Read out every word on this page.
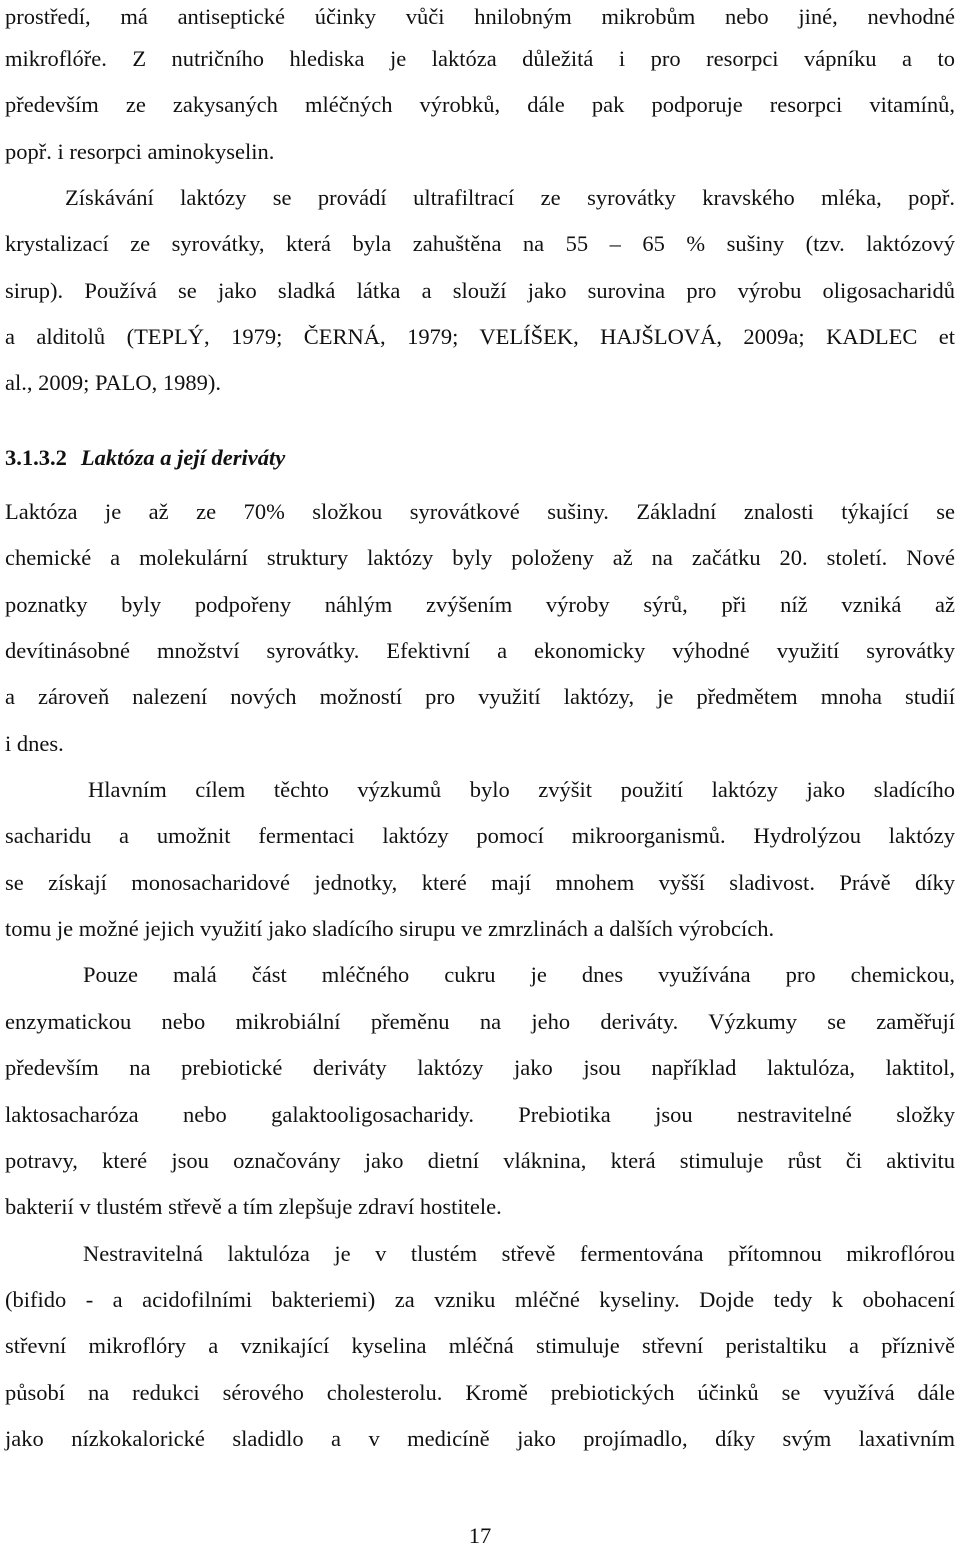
prostředí, má antiseptické účinky vůči hnilobným mikrobům nebo jiné, nevhodné
mikroflóře. Z nutričního hlediska je laktóza důležitá i pro resorpci vápníku a to
především ze zakysaných mléčných výrobků, dále pak podporuje resorpci vitamínů,
popř. i resorpci aminokyselin.
Získávání laktózy se provádí ultrafiltrací ze syrovátky kravského mléka, popř.
krystalizací ze syrovátky, která byla zahuštěna na 55 – 65 % sušiny (tzv. laktózový
sirup). Používá se jako sladká látka a slouží jako surovina pro výrobu oligosacharidů
a alditolů (TEPLÝ, 1979; ČERNÁ, 1979; VELÍŠEK, HAJŠLOVÁ, 2009a; KADLEC et
al., 2009; PALO, 1989).
3.1.3.2 Laktóza a její deriváty
Laktóza je až ze 70% složkou syrovátkové sušiny. Základní znalosti týkající se
chemické a molekulární struktury laktózy byly položeny až na začátku 20. století. Nové
poznatky byly podpořeny náhlým zvýšením výroby sýrů, při níž vzniká až
devítinásobné množství syrovátky. Efektivní a ekonomicky výhodné využití syrovátky
a zároveň nalezení nových možností pro využití laktózy, je předmětem mnoha studií
i dnes.
Hlavním cílem těchto výzkumů bylo zvýšit použití laktózy jako sladícího
sacharidu a umožnit fermentaci laktózy pomocí mikroorganismů. Hydrolýzou laktózy
se získají monosacharidové jednotky, které mají mnohem vyšší sladivost. Právě díky
tomu je možné jejich využití jako sladícího sirupu ve zmrzlinách a dalších výrobcích.
Pouze malá část mléčného cukru je dnes využívána pro chemickou,
enzymatickou nebo mikrobiální přeměnu na jeho deriváty. Výzkumy se zaměřují
především na prebiotické deriváty laktózy jako jsou například laktulóza, laktitol,
laktosacharóza nebo galaktooligosacharidy. Prebiotika jsou nestravitelné složky
potravy, které jsou označovány jako dietní vláknina, která stimuluje růst či aktivitu
bakterií v tlustém střevě a tím zlepšuje zdraví hostitele.
Nestravitelná laktulóza je v tlustém střevě fermentována přítomnou mikroflórou
(bifido - a acidofilními bakteriemi) za vzniku mléčné kyseliny. Dojde tedy k obohacení
střevní mikroflóry a vznikající kyselina mléčná stimuluje střevní peristaltiku a příznivě
působí na redukci sérového cholesterolu. Kromě prebiotických účinků se využívá dále
jako nízkokalorické sladidlo a v medicíně jako projímadlo, díky svým laxativním
17
